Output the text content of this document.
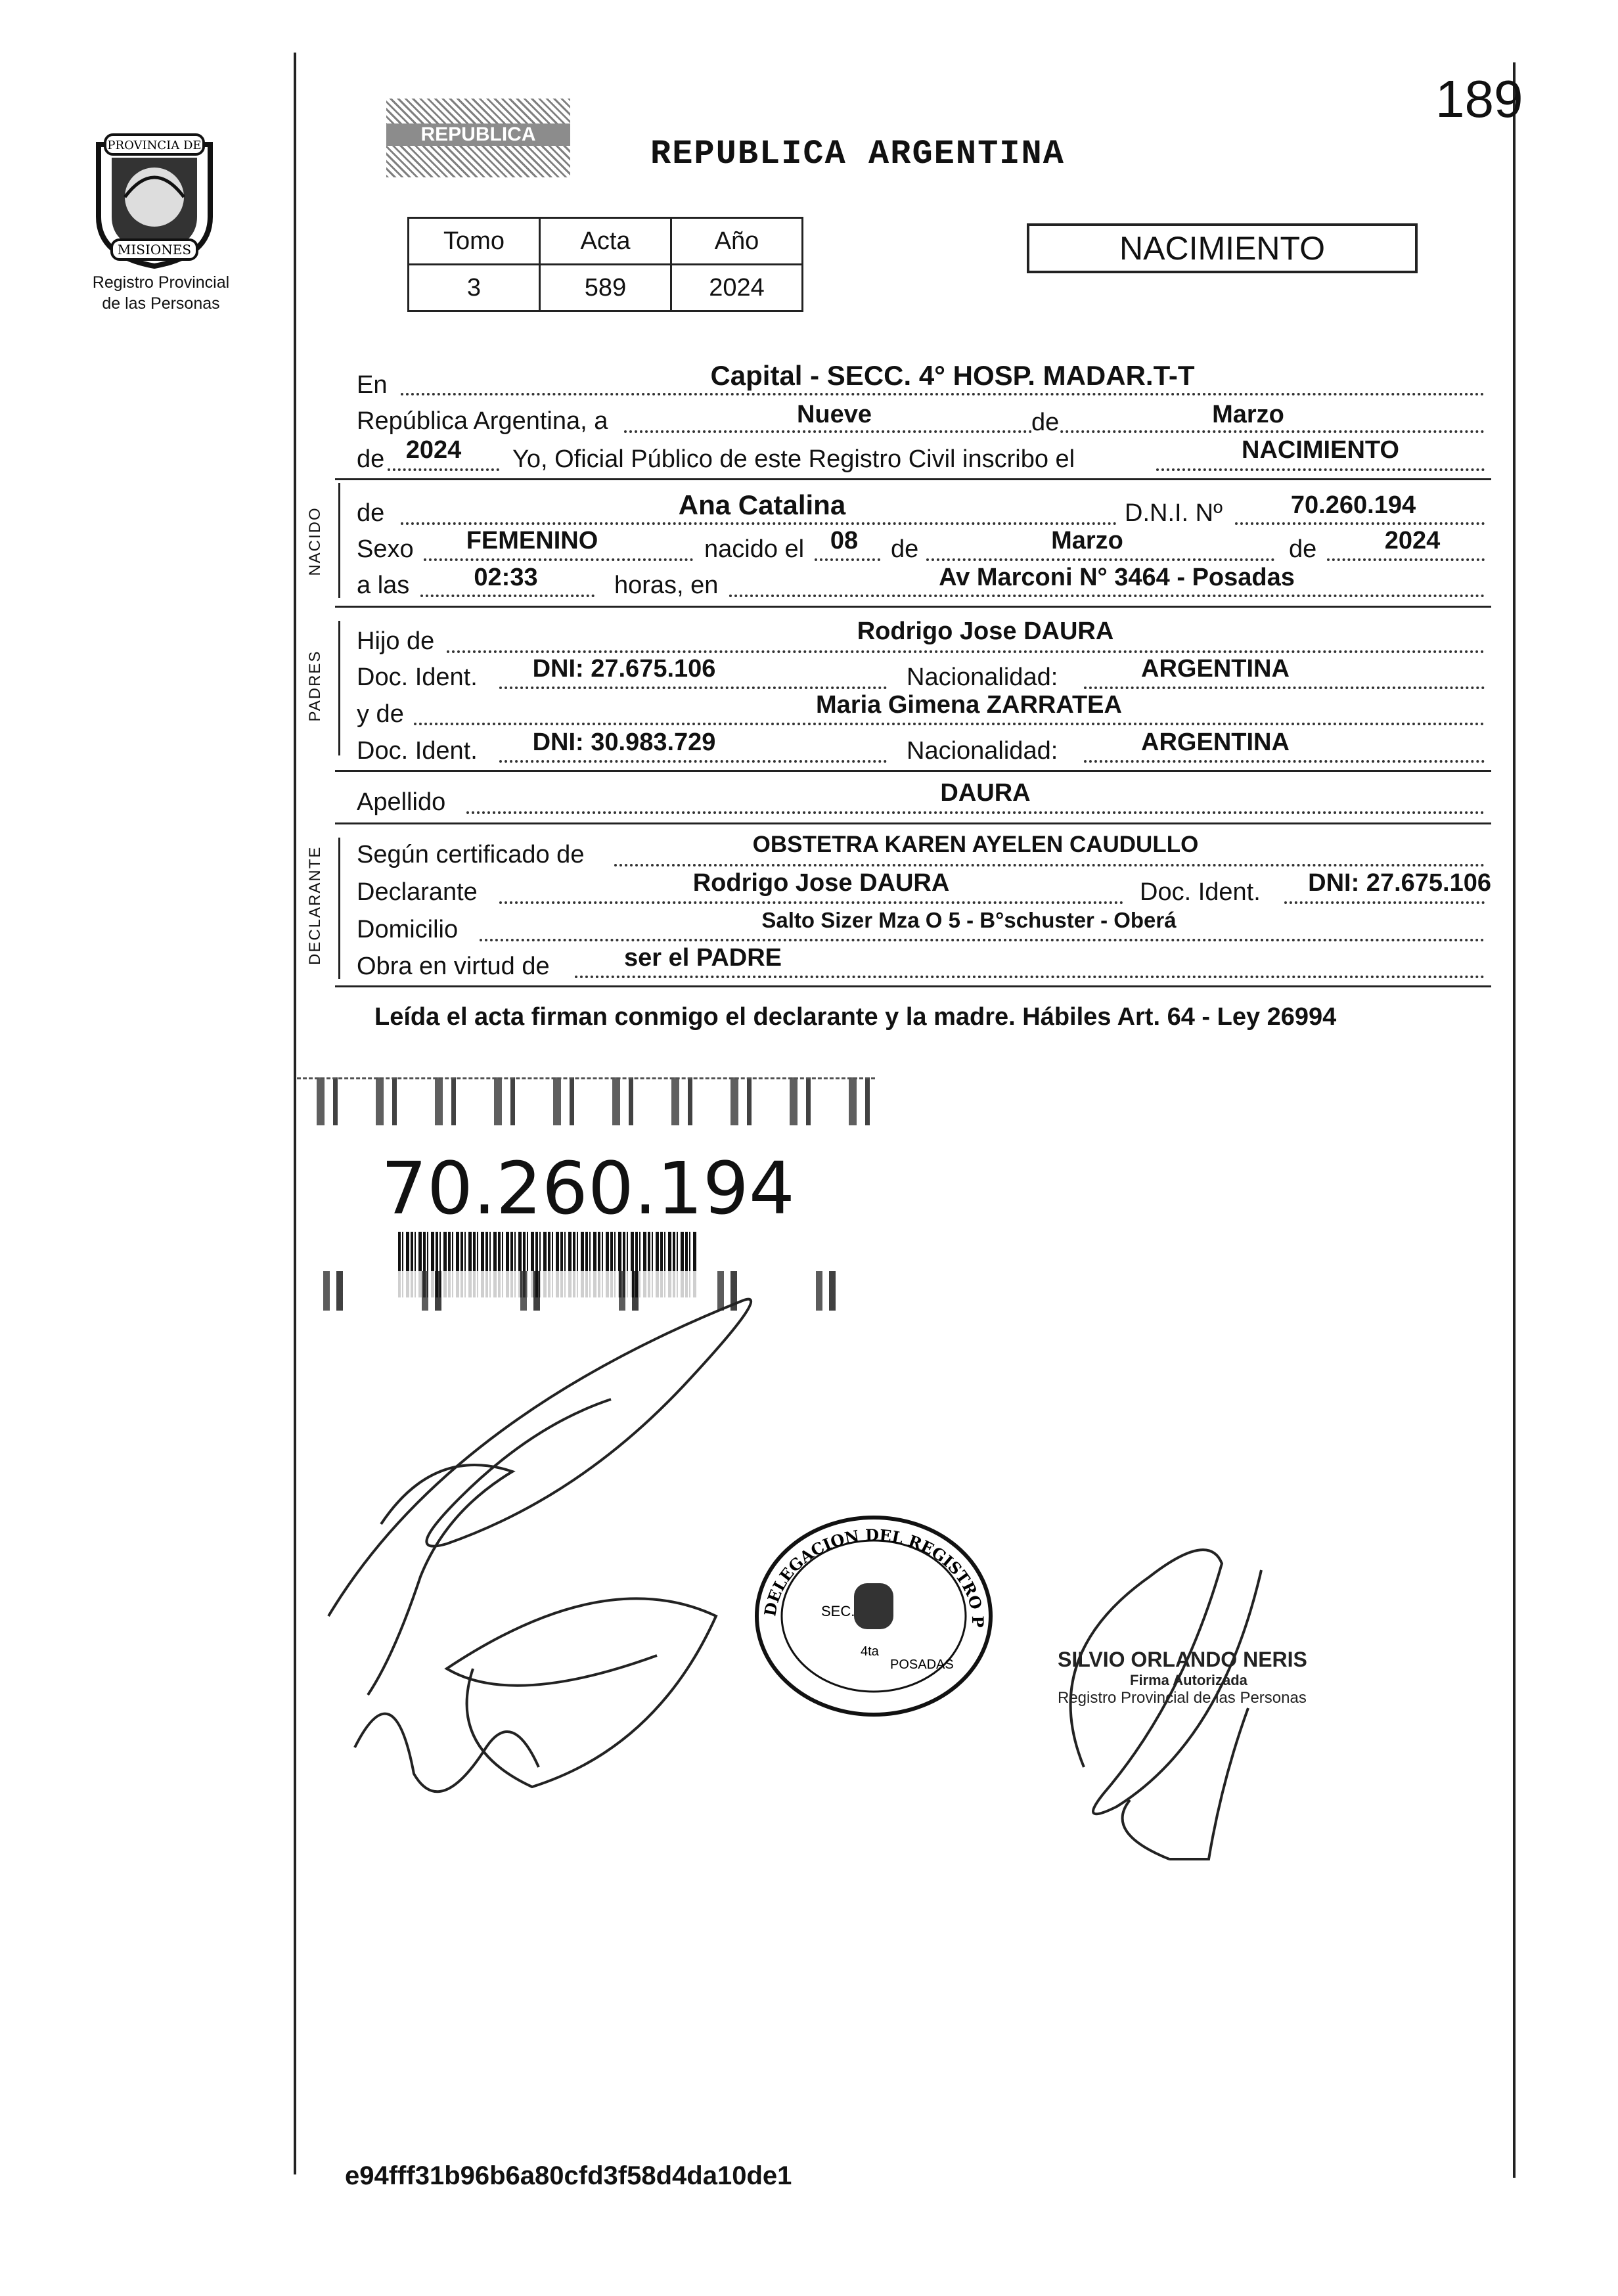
189
PROVINCIA DE
MISIONES
Registro Provincial
de las Personas
REPUBLICA
REPUBLICA ARGENTINA
Tomo	Acta	Año
3	589	2024
NACIMIENTO
En	Capital - SECC. 4° HOSP. MADAR.T-T
República Argentina, a	Nueve	de	Marzo
de 2024	Yo, Oficial Público de este Registro Civil inscribo el	NACIMIENTO
NACIDO de	Ana Catalina	D.N.I. Nº	70.260.194
Sexo	FEMENINO	nacido el	08	de	Marzo	de	2024
a las	02:33	horas, en	Av Marconi N° 3464 - Posadas
PADRES
Hijo de	Rodrigo Jose DAURA
Doc. Ident.	DNI: 27.675.106	Nacionalidad:	ARGENTINA
y de	Maria Gimena ZARRATEA
Doc. Ident.	DNI: 30.983.729	Nacionalidad:	ARGENTINA
Apellido	DAURA
DECLARANTE Según certificado de	OBSTETRA KAREN AYELEN CAUDULLO
Declarante	Rodrigo Jose DAURA	Doc. Ident.	DNI: 27.675.106
Domicilio	Salto Sizer Mza O 5 - B°schuster - Oberá
Obra en virtud de	ser el PADRE
Leída el acta firman conmigo el declarante y la madre. Hábiles Art. 64 - Ley 26994
70.260.194
DELEGACION DEL REGISTRO P
SEC.
4ta
POSADAS	SILVIO ORLANDO NERIS
Firma Autorizada
Registro Provincial de las Personas
e94fff31b96b6a80cfd3f58d4da10de1
